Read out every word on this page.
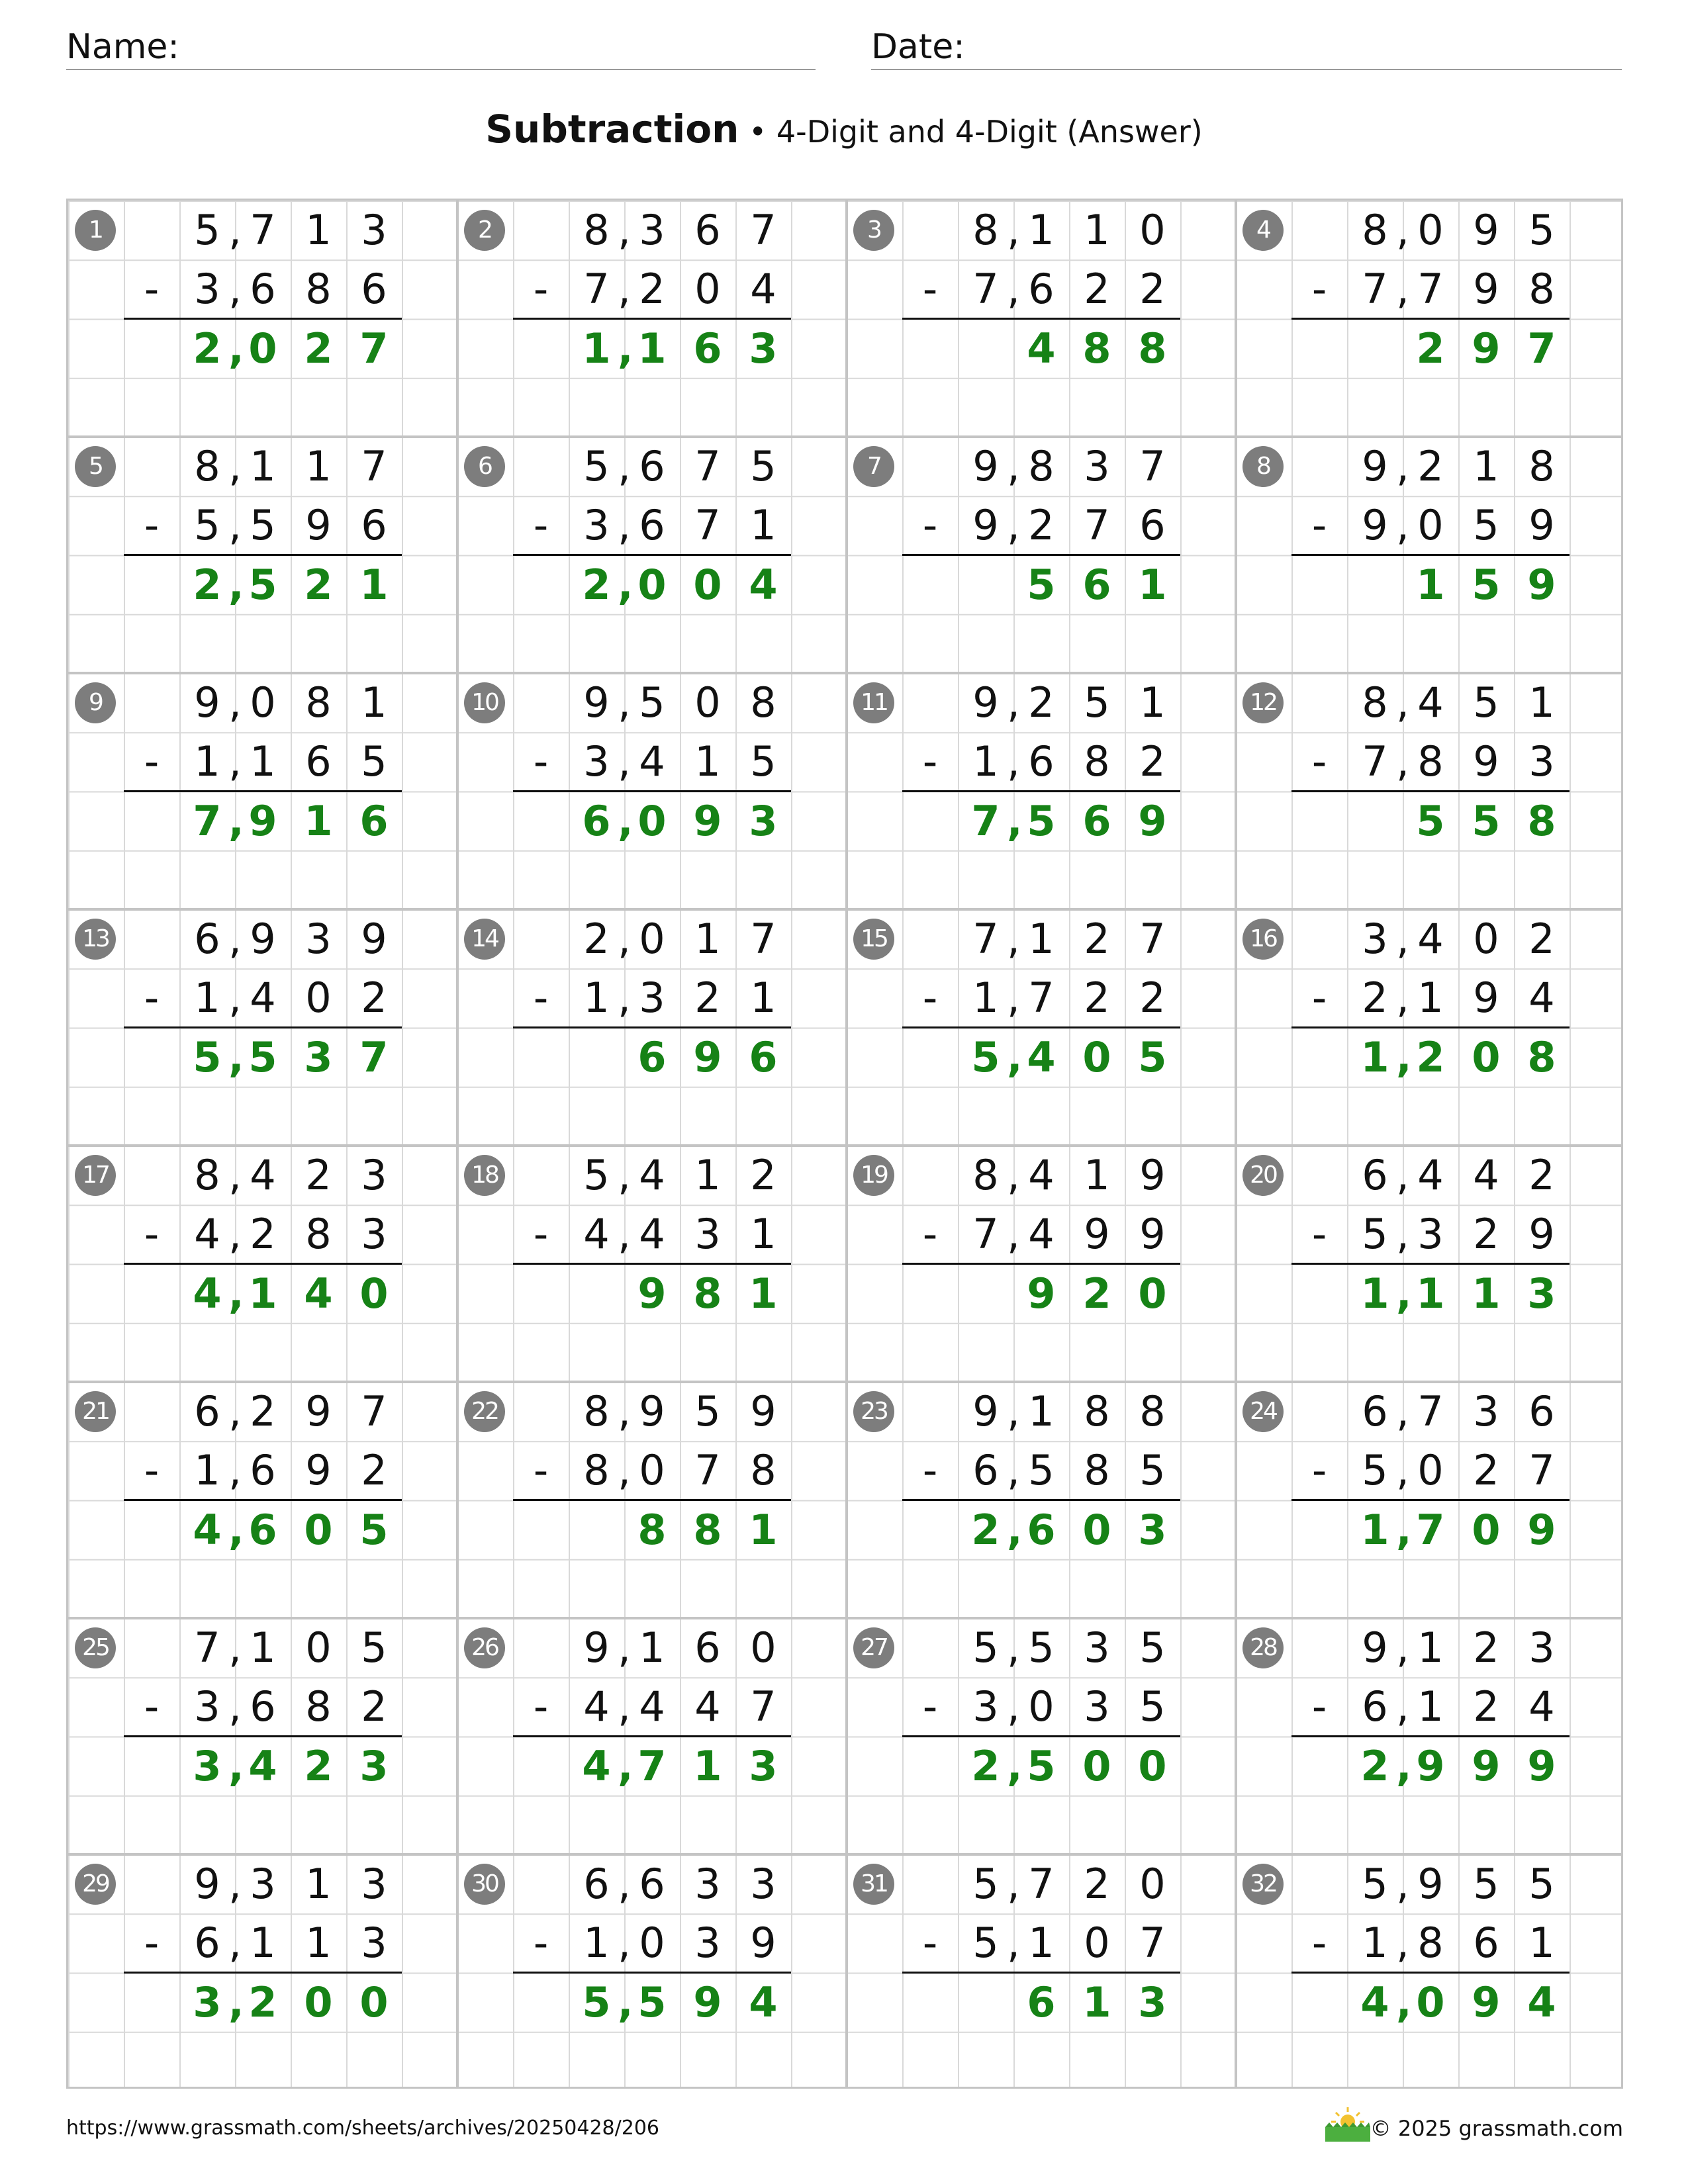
Name:	Date:
Subtraction • 4-Digit and 4-Digit (Answer)
1	5 7 1 3
,
- 3 6 8 6
,
2 0 2 7
,
2	8 3 6 7
,
- 7 2 0 4
,
1 1 6 3
,
3	8 1 1 0
,
- 7 6 2 2
,
4 8 8
4	8 0 9 5
,
- 7 7 9 8
,
2 9 7
5	8 1 1 7
,
- 5 5 9 6
,
2 5 2 1
,
6	5 6 7 5
,
- 3 6 7 1
,
2 0 0 4
,
7	9 8 3 7
,
- 9 2 7 6
,
5 6 1
8	9 2 1 8
,
- 9 0 5 9
,
1 5 9
9	9 0 8 1
,
- 1 1 6 5
,
7 9 1 6
,
10	9 5 0 8
,
- 3 4 1 5
,
6 0 9 3
,
11	9 2 5 1
,
- 1 6 8 2
,
7 5 6 9
,
12	8 4 5 1
,
- 7 8 9 3
,
5 5 8
13	6 9 3 9
,
- 1 4 0 2
,
5 5 3 7
,
14	2 0 1 7
,
- 1 3 2 1
,
6 9 6
15	7 1 2 7
,
- 1 7 2 2
,
5 4 0 5
,
16	3 4 0 2
,
- 2 1 9 4
,
1 2 0 8
,
17	8 4 2 3
,
- 4 2 8 3
,
4 1 4 0
,
18	5 4 1 2
,
- 4 4 3 1
,
9 8 1
19	8 4 1 9
,
- 7 4 9 9
,
9 2 0
20	6 4 4 2
,
- 5 3 2 9
,
1 1 1 3
,
21	6 2 9 7
,
- 1 6 9 2
,
4 6 0 5
,
22	8 9 5 9
,
- 8 0 7 8
,
8 8 1
23	9 1 8 8
,
- 6 5 8 5
,
2 6 0 3
,
24	6 7 3 6
,
- 5 0 2 7
,
1 7 0 9
,
25	7 1 0 5
,
- 3 6 8 2
,
3 4 2 3
,
26	9 1 6 0
,
- 4 4 4 7
,
4 7 1 3
,
27	5 5 3 5
,
- 3 0 3 5
,
2 5 0 0
,
28	9 1 2 3
,
- 6 1 2 4
,
2 9 9 9
,
29	9 3 1 3
,
- 6 1 1 3
,
3 2 0 0
,
30	6 6 3 3
,
- 1 0 3 9
,
5 5 9 4
,
31	5 7 2 0
,
- 5 1 0 7
,
6 1 3
32	5 9 5 5
,
- 1 8 6 1
,
4 0 9 4
,
https://www.grassmath.com/sheets/archives/20250428/206	© 2025 grassmath.com
